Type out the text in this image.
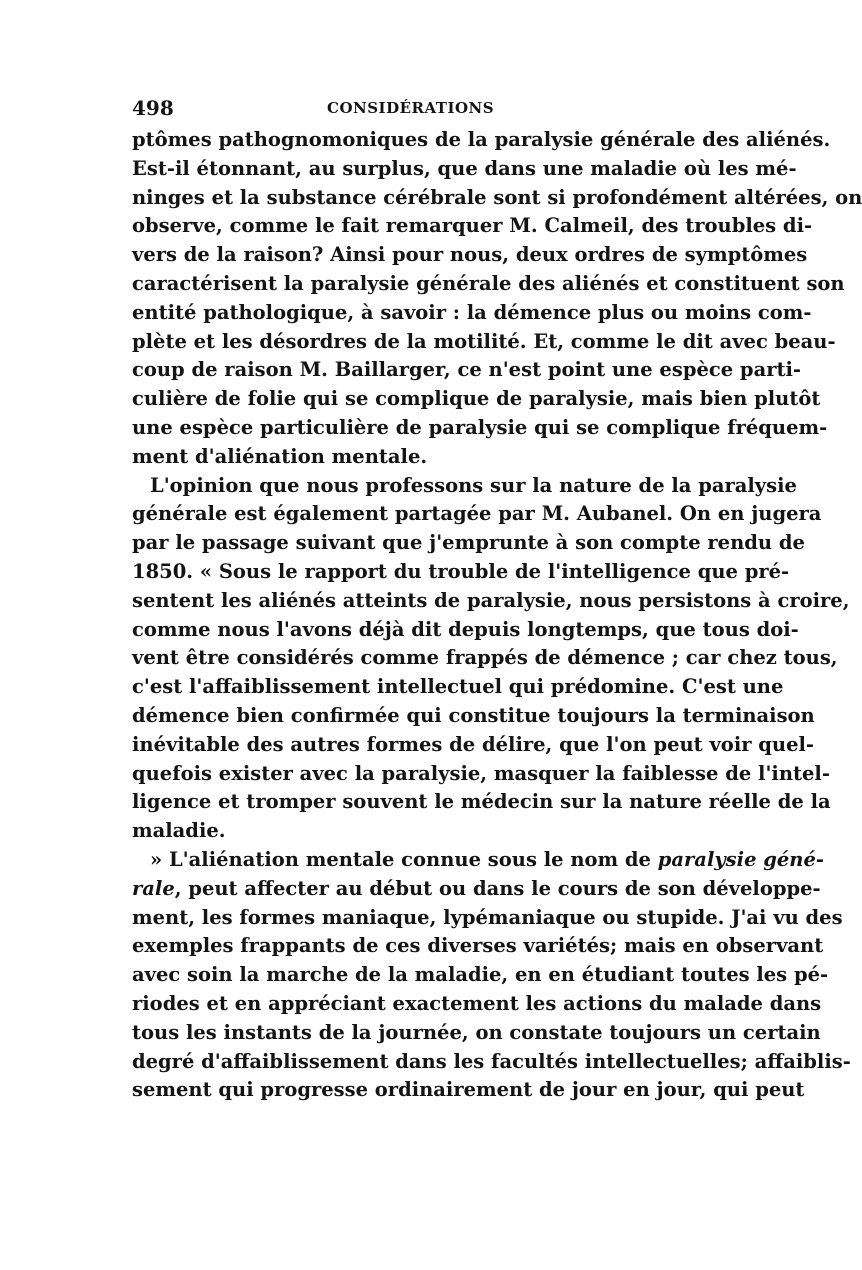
498	CONSIDÉRATIONS
ptômes pathognomoniques de la paralysie générale des aliénés.
Est-il étonnant, au surplus, que dans une maladie où les mé-
ninges et la substance cérébrale sont si profondément altérées, on
observe, comme le fait remarquer M. Calmeil, des troubles di-
vers de la raison? Ainsi pour nous, deux ordres de symptômes
caractérisent la paralysie générale des aliénés et constituent son
entité pathologique, à savoir : la démence plus ou moins com-
plète et les désordres de la motilité. Et, comme le dit avec beau-
coup de raison M. Baillarger, ce n'est point une espèce parti-
culière de folie qui se complique de paralysie, mais bien plutôt
une espèce particulière de paralysie qui se complique fréquem-
ment d'aliénation mentale.
L'opinion que nous professons sur la nature de la paralysie
générale est également partagée par M. Aubanel. On en jugera
par le passage suivant que j'emprunte à son compte rendu de
1850. « Sous le rapport du trouble de l'intelligence que pré-
sentent les aliénés atteints de paralysie, nous persistons à croire,
comme nous l'avons déjà dit depuis longtemps, que tous doi-
vent être considérés comme frappés de démence ; car chez tous,
c'est l'affaiblissement intellectuel qui prédomine. C'est une
démence bien confirmée qui constitue toujours la terminaison
inévitable des autres formes de délire, que l'on peut voir quel-
quefois exister avec la paralysie, masquer la faiblesse de l'intel-
ligence et tromper souvent le médecin sur la nature réelle de la
maladie.
» L'aliénation mentale connue sous le nom de paralysie géné-
rale, peut affecter au début ou dans le cours de son développe-
ment, les formes maniaque, lypémaniaque ou stupide. J'ai vu des
exemples frappants de ces diverses variétés; mais en observant
avec soin la marche de la maladie, en en étudiant toutes les pé-
riodes et en appréciant exactement les actions du malade dans
tous les instants de la journée, on constate toujours un certain
degré d'affaiblissement dans les facultés intellectuelles; affaiblis-
sement qui progresse ordinairement de jour en jour, qui peut
